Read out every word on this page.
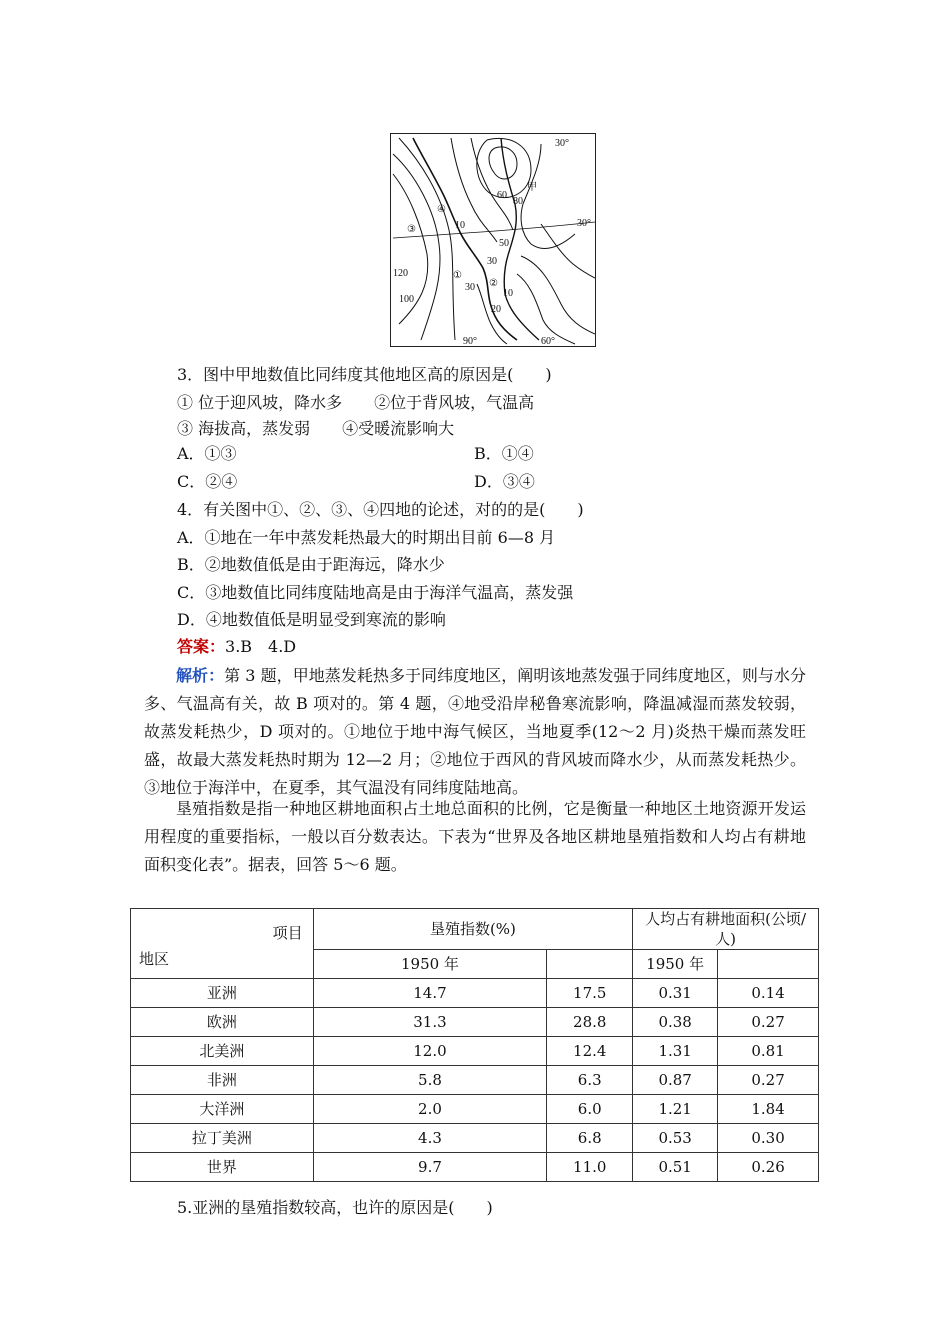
30°
30°
60
80
甲
④
③	10
50
30
①
②
120
30
10
100
20
90°	60°
3．图中甲地数值比同纬度其他地区高的原因是(　　)
① 位于迎风坡，降水多　　②位于背风坡，气温高
③ 海拔高，蒸发弱　　④受暖流影响大
A．①③	B．①④
C．②④	D．③④
4．有关图中①、②、③、④四地的论述，对的的是(　　)
A．①地在一年中蒸发耗热最大的时期出目前 6—8 月
B．②地数值低是由于距海远，降水少
C．③地数值比同纬度陆地高是由于海洋气温高，蒸发强
D．④地数值低是明显受到寒流的影响
答案：3.B　4.D

解析：第 3 题，甲地蒸发耗热多于同纬度地区，阐明该地蒸发强于同纬度地区，则与水分多、气温高有关，故 B 项对的。第 4 题，④地受沿岸秘鲁寒流影响，降温减湿而蒸发较弱，故蒸发耗热少，D 项对的。①地位于地中海气候区，当地夏季(12～2 月)炎热干燥而蒸发旺盛，故最大蒸发耗热时期为 12—2 月；②地位于西风的背风坡而降水少，从而蒸发耗热少。③地位于海洋中，在夏季，其气温没有同纬度陆地高。

垦殖指数是指一种地区耕地面积占土地总面积的比例，它是衡量一种地区土地资源开发运用程度的重要指标，一般以百分数表达。下表为“世界及各地区耕地垦殖指数和人均占有耕地面积变化表”。据表，回答 5～6 题。

项目
地区	垦殖指数(%)		人均占有耕地面积(公顷/人)	
	1950 年		1950 年	
亚洲	14.7	17.5	0.31	0.14
欧洲	31.3	28.8	0.38	0.27
北美洲	12.0	12.4	1.31	0.81
非洲	5.8	6.3	0.87	0.27
大洋洲	2.0	6.0	1.21	1.84
拉丁美洲	4.3	6.8	0.53	0.30
世界	9.7	11.0	0.51	0.26
5.亚洲的垦殖指数较高，也许的原因是(　　)
